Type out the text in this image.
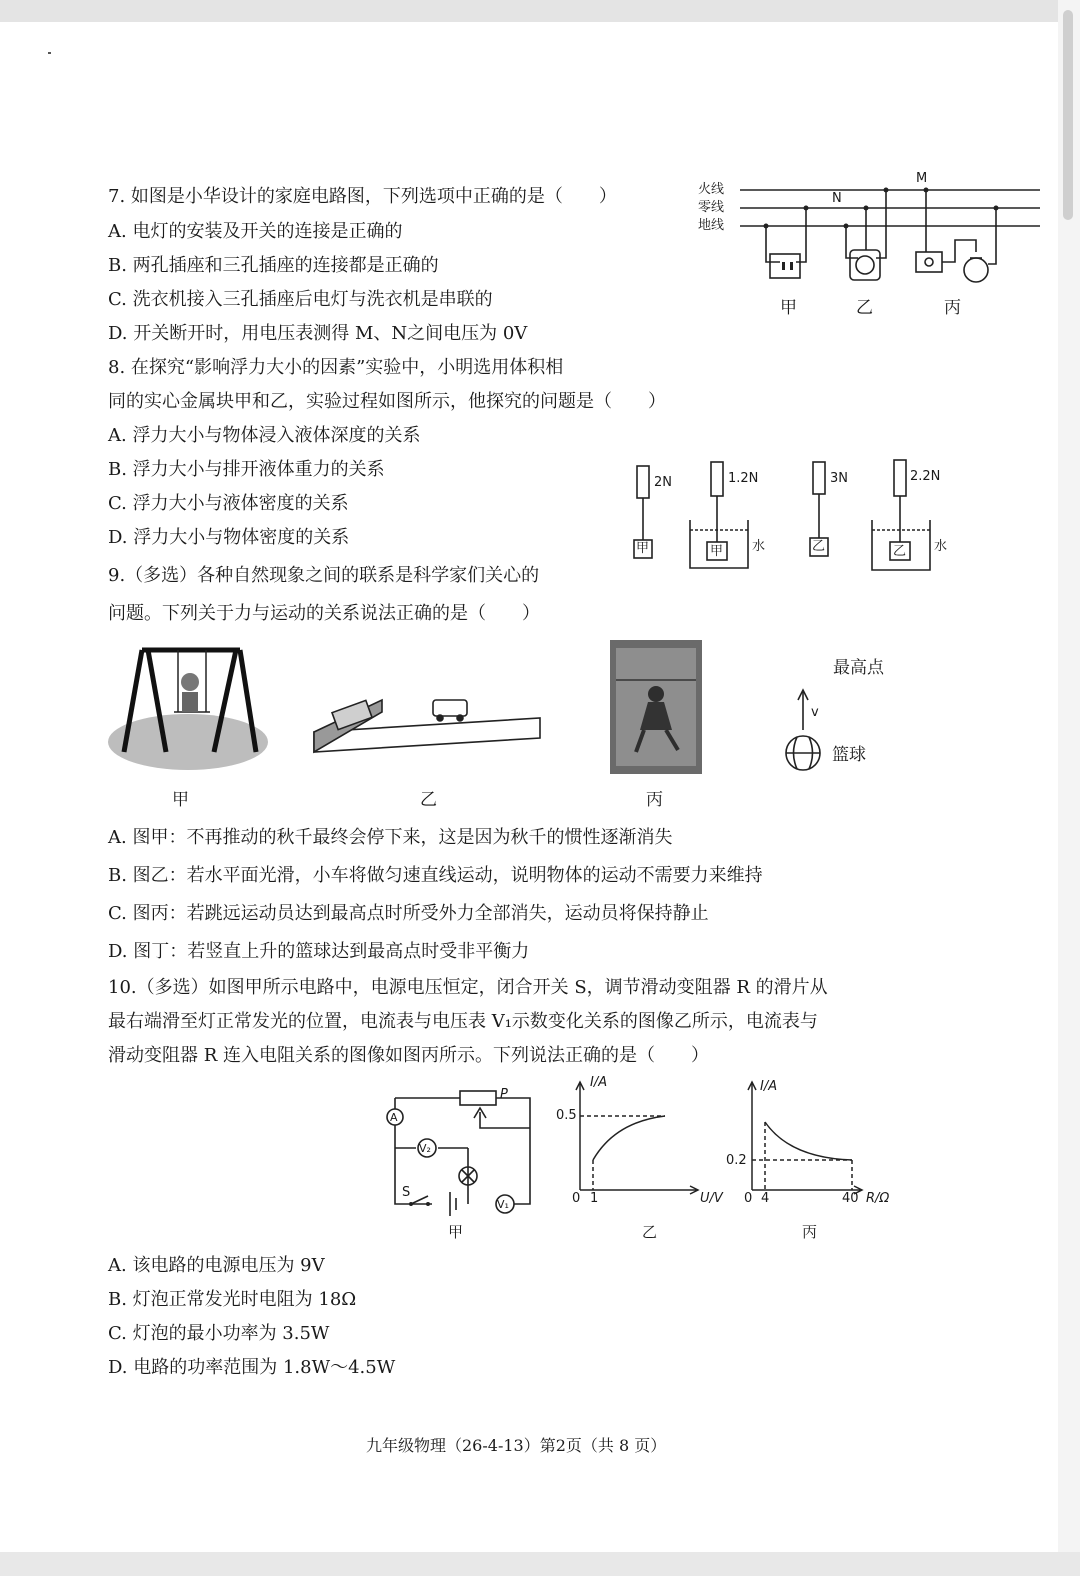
7. 如图是小华设计的家庭电路图，下列选项中正确的是（　　）
A. 电灯的安装及开关的连接是正确的
B. 两孔插座和三孔插座的连接都是正确的
C. 洗衣机接入三孔插座后电灯与洗衣机是串联的
D. 开关断开时，用电压表测得 M、N之间电压为 0V
火线
零线
地线
M
N
甲	乙	丙
8. 在探究“影响浮力大小的因素”实验中，小明选用体积相
同的实心金属块甲和乙，实验过程如图所示，他探究的问题是（　　）
A. 浮力大小与物体浸入液体深度的关系
B. 浮力大小与排开液体重力的关系
C. 浮力大小与液体密度的关系
D. 浮力大小与物体密度的关系
2N	1.2N	3N	2.2N
甲	甲	乙	乙
水	水
9.（多选）各种自然现象之间的联系是科学家们关心的
问题。下列关于力与运动的关系说法正确的是（　　）
最高点
v
篮球
甲	乙	丙
A. 图甲：不再推动的秋千最终会停下来，这是因为秋千的惯性逐渐消失
B. 图乙：若水平面光滑，小车将做匀速直线运动，说明物体的运动不需要力来维持
C. 图丙：若跳远运动员达到最高点时所受外力全部消失，运动员将保持静止
D. 图丁：若竖直上升的篮球达到最高点时受非平衡力
10.（多选）如图甲所示电路中，电源电压恒定，闭合开关 S，调节滑动变阻器 R 的滑片从
最右端滑至灯正常发光的位置，电流表与电压表 V₁示数变化关系的图像乙所示，电流表与
滑动变阻器 R 连入电阻关系的图像如图丙所示。下列说法正确的是（　　）
A
V₂
V₁
S
P
甲
I/A
0.5
0 1	U/V
乙
I/A
0.2
0 4	40 R/Ω
丙
A. 该电路的电源电压为 9V
B. 灯泡正常发光时电阻为 18Ω
C. 灯泡的最小功率为 3.5W
D. 电路的功率范围为 1.8W～4.5W
九年级物理（26-4-13）第2页（共 8 页）
